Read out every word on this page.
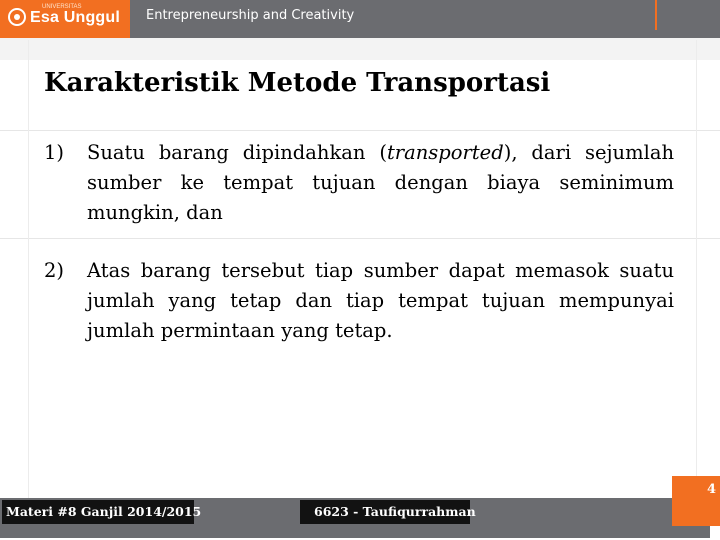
UNIVERSITAS
Esa Unggul Entrepreneurship and Creativity
Karakteristik Metode Transportasi
1) Suatu barang dipindahkan (transported), dari sejumlah sumber ke tempat tujuan dengan biaya seminimum mungkin, dan
2) Atas barang tersebut tiap sumber dapat memasok suatu jumlah yang tetap dan tiap tempat tujuan mempunyai jumlah permintaan yang tetap.
Materi #8 Ganjil 2014/2015	6623 - Taufiqurrahman
4
